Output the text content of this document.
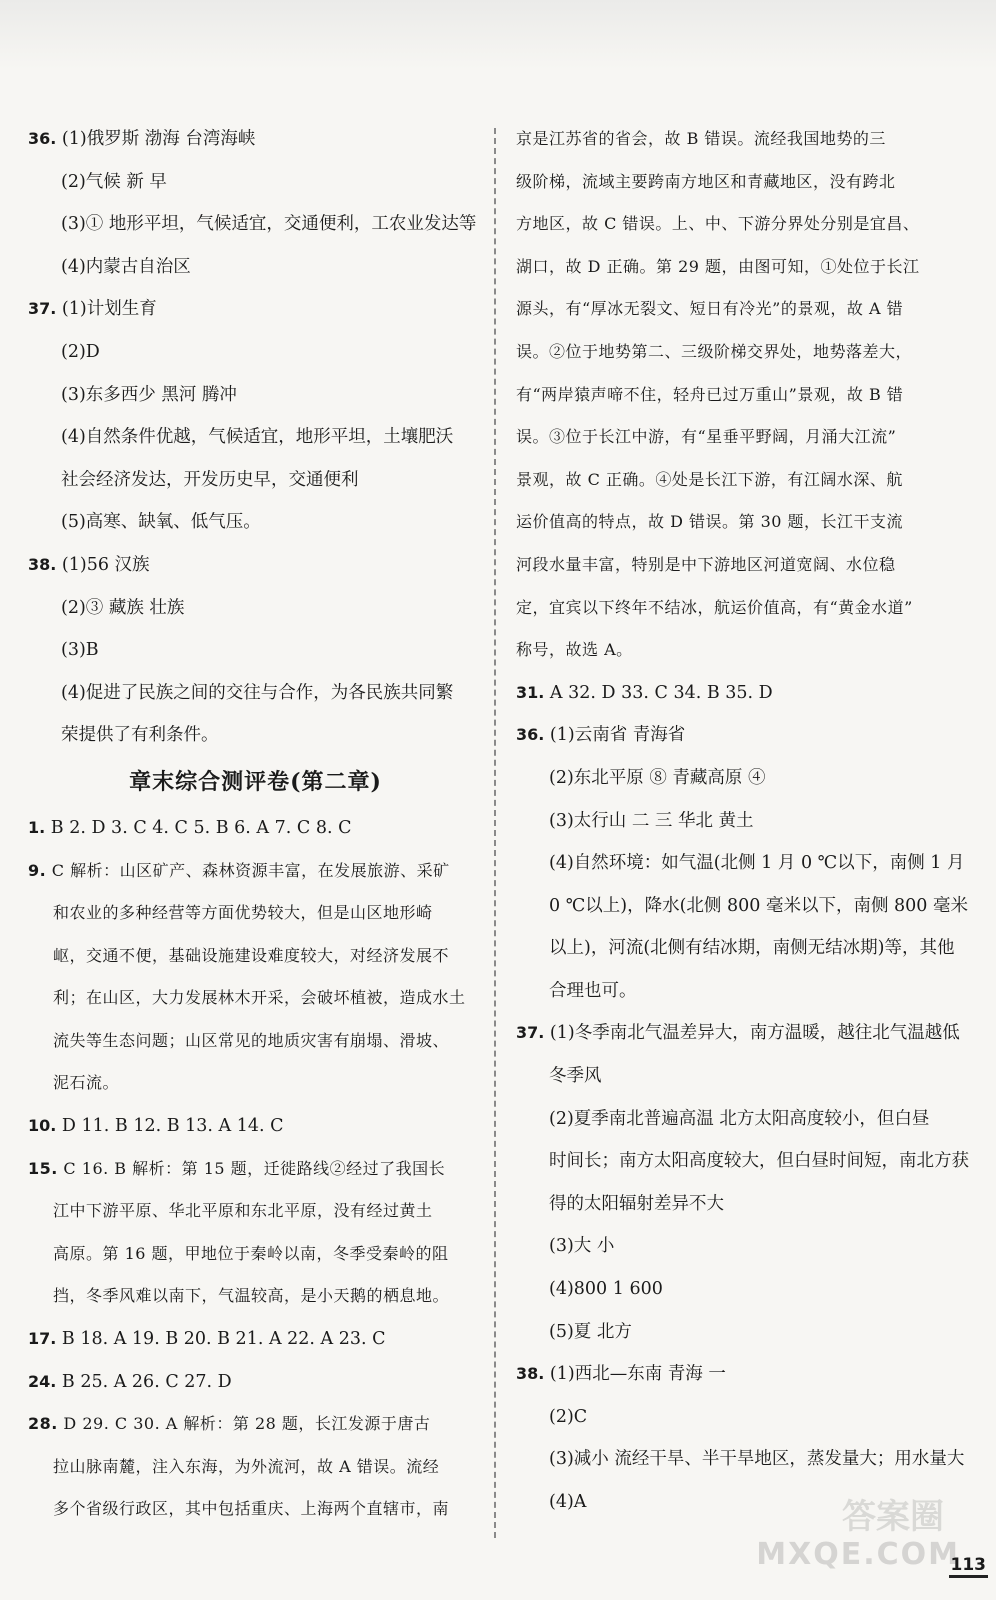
36. (1)俄罗斯 渤海 台湾海峡
(2)气候 新 早
(3)① 地形平坦，气候适宜，交通便利，工农业发达等
(4)内蒙古自治区
37. (1)计划生育
(2)D
(3)东多西少 黑河 腾冲
(4)自然条件优越，气候适宜，地形平坦，土壤肥沃
社会经济发达，开发历史早，交通便利
(5)高寒、缺氧、低气压。
38. (1)56 汉族
(2)③ 藏族 壮族
(3)B
(4)促进了民族之间的交往与合作，为各民族共同繁
荣提供了有利条件。
章末综合测评卷(第二章)
1. B 2. D 3. C 4. C 5. B 6. A 7. C 8. C
9. C 解析：山区矿产、森林资源丰富，在发展旅游、采矿
和农业的多种经营等方面优势较大，但是山区地形崎
岖，交通不便，基础设施建设难度较大，对经济发展不
利；在山区，大力发展林木开采，会破坏植被，造成水土
流失等生态问题；山区常见的地质灾害有崩塌、滑坡、
泥石流。
10. D 11. B 12. B 13. A 14. C
15. C 16. B 解析：第 15 题，迁徙路线②经过了我国长
江中下游平原、华北平原和东北平原，没有经过黄土
高原。第 16 题，甲地位于秦岭以南，冬季受秦岭的阻
挡，冬季风难以南下，气温较高，是小天鹅的栖息地。
17. B 18. A 19. B 20. B 21. A 22. A 23. C
24. B 25. A 26. C 27. D
28. D 29. C 30. A 解析：第 28 题，长江发源于唐古
拉山脉南麓，注入东海，为外流河，故 A 错误。流经
多个省级行政区，其中包括重庆、上海两个直辖市，南
京是江苏省的省会，故 B 错误。流经我国地势的三
级阶梯，流域主要跨南方地区和青藏地区，没有跨北
方地区，故 C 错误。上、中、下游分界处分别是宜昌、
湖口，故 D 正确。第 29 题，由图可知，①处位于长江
源头，有“厚冰无裂文、短日有冷光”的景观，故 A 错
误。②位于地势第二、三级阶梯交界处，地势落差大，
有“两岸猿声啼不住，轻舟已过万重山”景观，故 B 错
误。③位于长江中游，有“星垂平野阔，月涌大江流”
景观，故 C 正确。④处是长江下游，有江阔水深、航
运价值高的特点，故 D 错误。第 30 题，长江干支流
河段水量丰富，特别是中下游地区河道宽阔、水位稳
定，宜宾以下终年不结冰，航运价值高，有“黄金水道”
称号，故选 A。
31. A 32. D 33. C 34. B 35. D
36. (1)云南省 青海省
(2)东北平原 ⑧ 青藏高原 ④
(3)太行山 二 三 华北 黄土
(4)自然环境：如气温(北侧 1 月 0 ℃以下，南侧 1 月
0 ℃以上)，降水(北侧 800 毫米以下，南侧 800 毫米
以上)，河流(北侧有结冰期，南侧无结冰期)等，其他
合理也可。
37. (1)冬季南北气温差异大，南方温暖，越往北气温越低
冬季风
(2)夏季南北普遍高温 北方太阳高度较小，但白昼
时间长；南方太阳高度较大，但白昼时间短，南北方获
得的太阳辐射差异不大
(3)大 小
(4)800 1 600
(5)夏 北方
38. (1)西北—东南 青海 一
(2)C
(3)减小 流经干旱、半干旱地区，蒸发量大；用水量大
(4)A	答案圈
MXQE.COM
113
